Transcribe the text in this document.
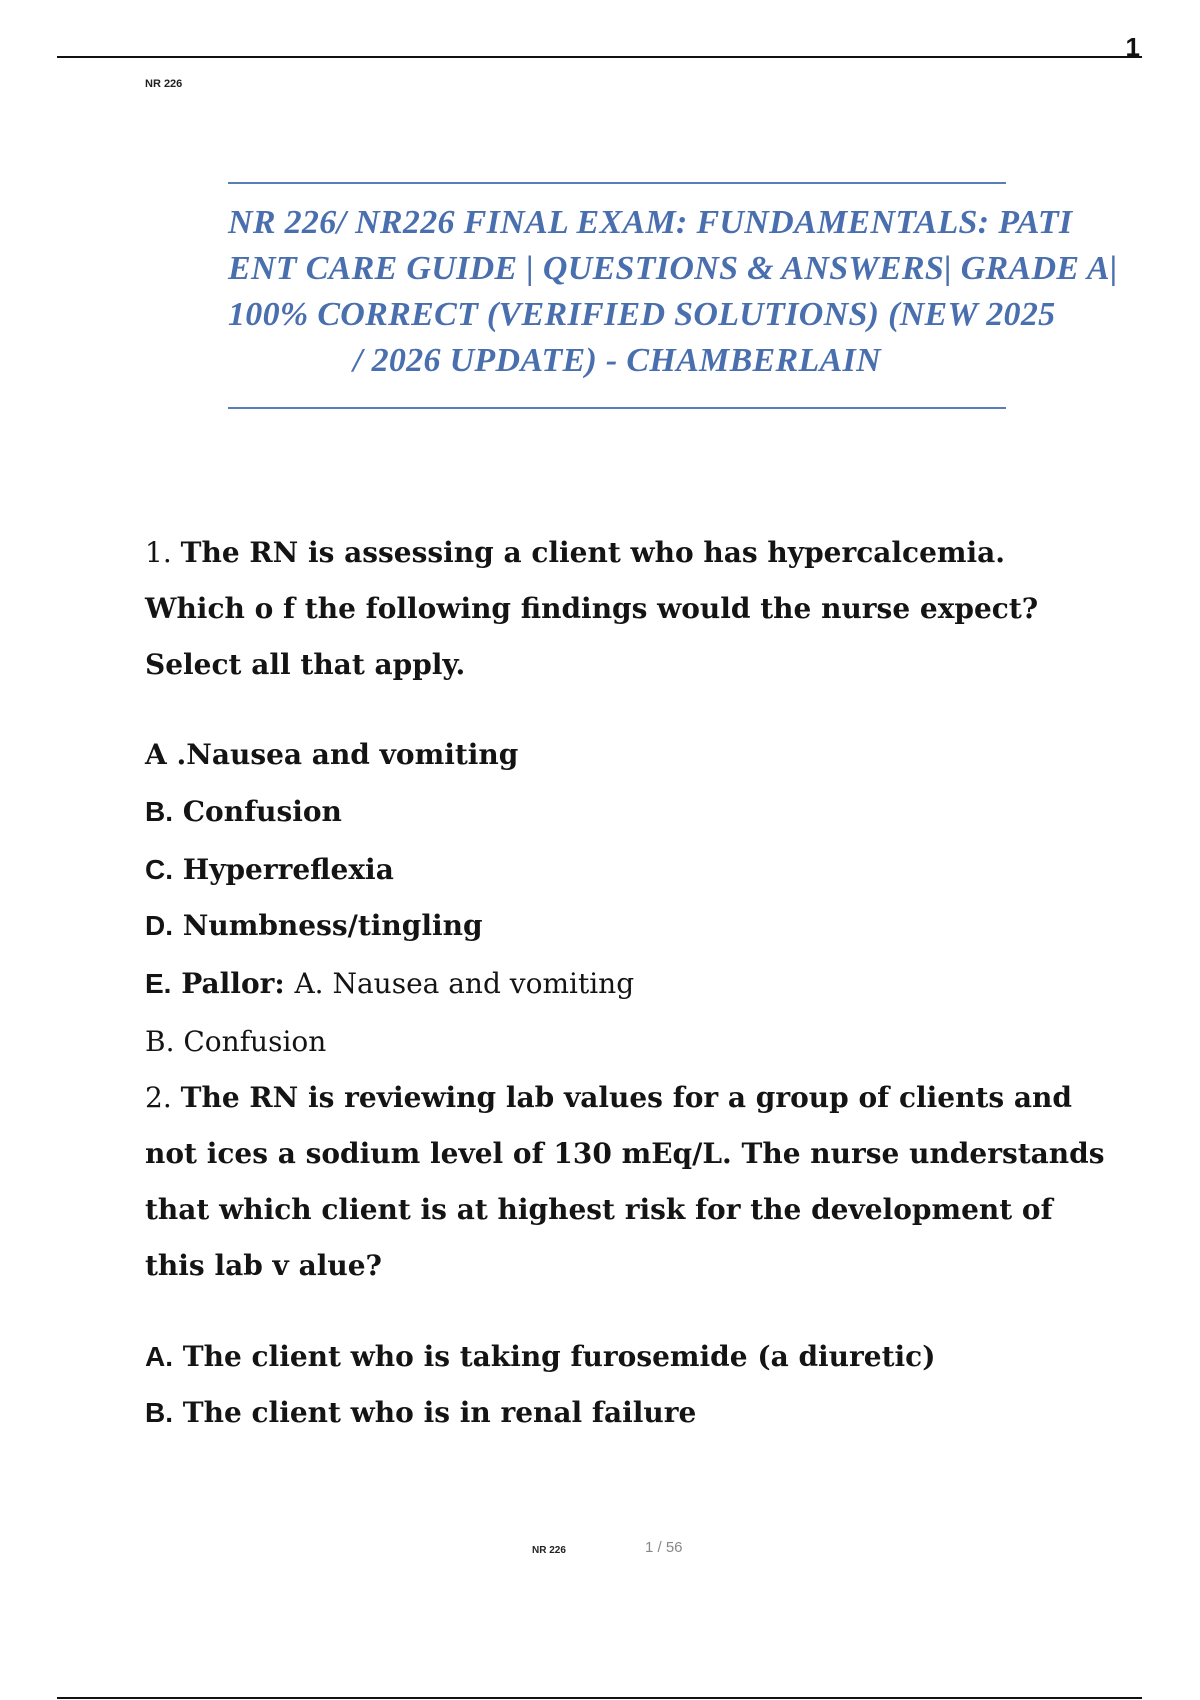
1
NR 226
NR 226/ NR226 FINAL EXAM: FUNDAMENTALS: PATI
ENT CARE GUIDE | QUESTIONS & ANSWERS| GRADE A|
100% CORRECT (VERIFIED SOLUTIONS) (NEW 2025
/ 2026 UPDATE) - CHAMBERLAIN
1. The RN is assessing a client who has hypercalcemia. Which o f the following findings would the nurse expect? Select all that apply.
A .Nausea and vomiting
B. Confusion
C. Hyperreflexia
D. Numbness/tingling
E. Pallor: A. Nausea and vomiting
B. Confusion
2. The RN is reviewing lab values for a group of clients and not ices a sodium level of 130 mEq/L. The nurse understands that which client is at highest risk for the development of this lab v alue?
A. The client who is taking furosemide (a diuretic)
B. The client who is in renal failure
NR 226	1 / 56
